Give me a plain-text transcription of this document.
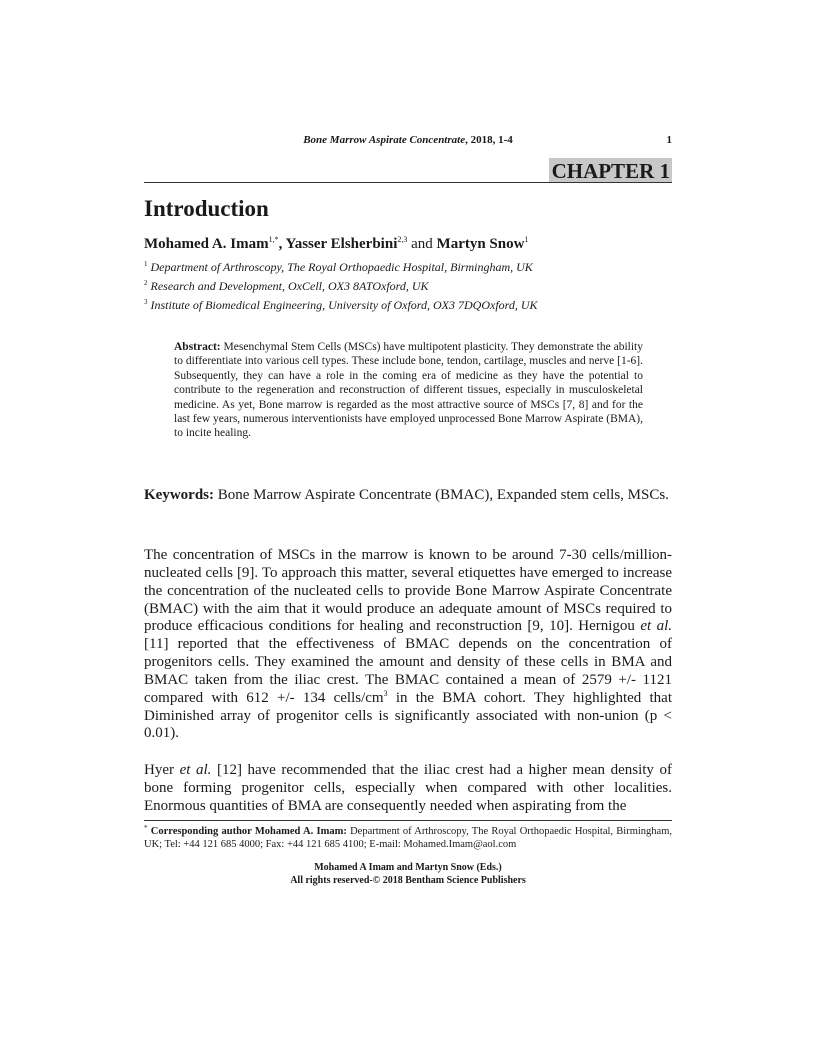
Bone Marrow Aspirate Concentrate, 2018, 1-4	1
CHAPTER 1
Introduction
Mohamed A. Imam$^{1,*}$, Yasser Elsherbini$^{2,3}$ and Martyn Snow$^1$
$^1$ Department of Arthroscopy, The Royal Orthopaedic Hospital, Birmingham, UK
$^2$ Research and Development, OxCell, OX3 8ATOxford, UK
$^3$ Institute of Biomedical Engineering, University of Oxford, OX3 7DQOxford, UK
Abstract: Mesenchymal Stem Cells (MSCs) have multipotent plasticity. They demonstrate the ability to differentiate into various cell types. These include bone, tendon, cartilage, muscles and nerve [1-6]. Subsequently, they can have a role in the coming era of medicine as they have the potential to contribute to the regeneration and reconstruction of different tissues, especially in musculoskeletal medicine. As yet, Bone marrow is regarded as the most attractive source of MSCs [7, 8] and for the last few years, numerous interventionists have employed unprocessed Bone Marrow Aspirate (BMA), to incite healing.
Keywords: Bone Marrow Aspirate Concentrate (BMAC), Expanded stem cells, MSCs.
The concentration of MSCs in the marrow is known to be around 7-30 cells/million-nucleated cells [9]. To approach this matter, several etiquettes have emerged to increase the concentration of the nucleated cells to provide Bone Marrow Aspirate Concentrate (BMAC) with the aim that it would produce an adequate amount of MSCs required to produce efficacious conditions for healing and reconstruction [9, 10]. Hernigou et al. [11] reported that the effectiveness of BMAC depends on the concentration of progenitors cells. They examined the amount and density of these cells in BMA and BMAC taken from the iliac crest. The BMAC contained a mean of 2579 +/- 1121 compared with 612 +/- 134 cells/$cm^3$ in the BMA cohort. They highlighted that Diminished array of progenitor cells is significantly associated with non-union (p < 0.01).
Hyer et al. [12] have recommended that the iliac crest had a higher mean density of bone forming progenitor cells, especially when compared with other localities. Enormous quantities of BMA are consequently needed when aspirating from the
* Corresponding author Mohamed A. Imam: Department of Arthroscopy, The Royal Orthopaedic Hospital, Birmingham, UK; Tel: +44 121 685 4000; Fax: +44 121 685 4100; E-mail: Mohamed.Imam@aol.com
Mohamed A Imam and Martyn Snow (Eds.)
All rights reserved-© 2018 Bentham Science Publishers
